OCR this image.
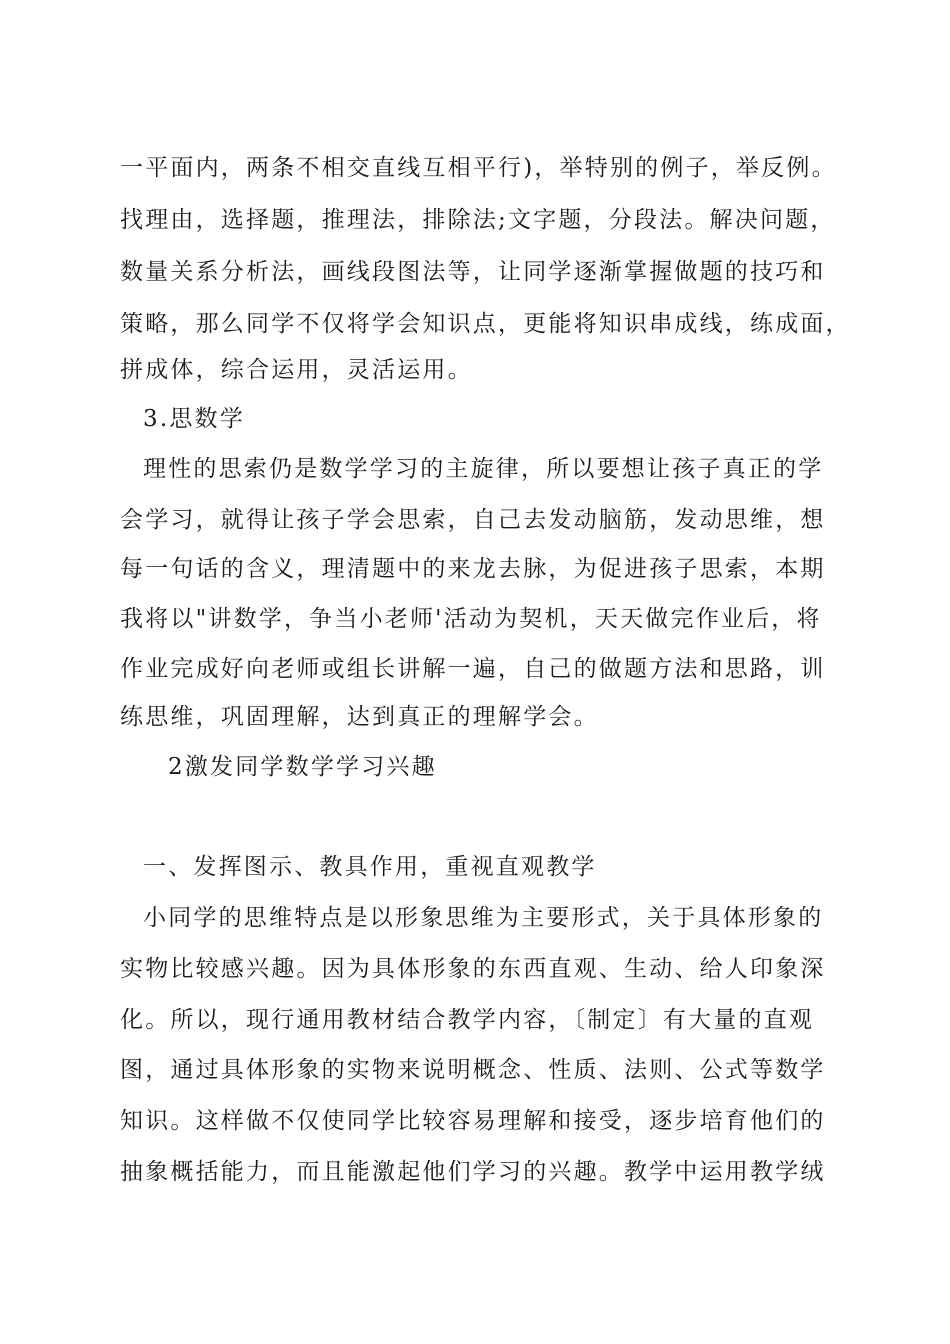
一平面内，两条不相交直线互相平行)，举特别的例子，举反例。
找理由，选择题，推理法，排除法;文字题，分段法。解决问题，
数量关系分析法，画线段图法等，让同学逐渐掌握做题的技巧和
策略，那么同学不仅将学会知识点，更能将知识串成线，练成面，
拼成体，综合运用，灵活运用。
3.思数学
理性的思索仍是数学学习的主旋律，所以要想让孩子真正的学
会学习，就得让孩子学会思索，自己去发动脑筋，发动思维，想
每一句话的含义，理清题中的来龙去脉，为促进孩子思索，本期
我将以"讲数学，争当小老师'活动为契机，天天做完作业后，将
作业完成好向老师或组长讲解一遍，自己的做题方法和思路，训
练思维，巩固理解，达到真正的理解学会。
2激发同学数学学习兴趣
一、发挥图示、教具作用，重视直观教学
小同学的思维特点是以形象思维为主要形式，关于具体形象的
实物比较感兴趣。因为具体形象的东西直观、生动、给人印象深
化。所以，现行通用教材结合教学内容，〔制定〕有大量的直观
图，通过具体形象的实物来说明概念、性质、法则、公式等数学
知识。这样做不仅使同学比较容易理解和接受，逐步培育他们的
抽象概括能力，而且能激起他们学习的兴趣。教学中运用教学绒
